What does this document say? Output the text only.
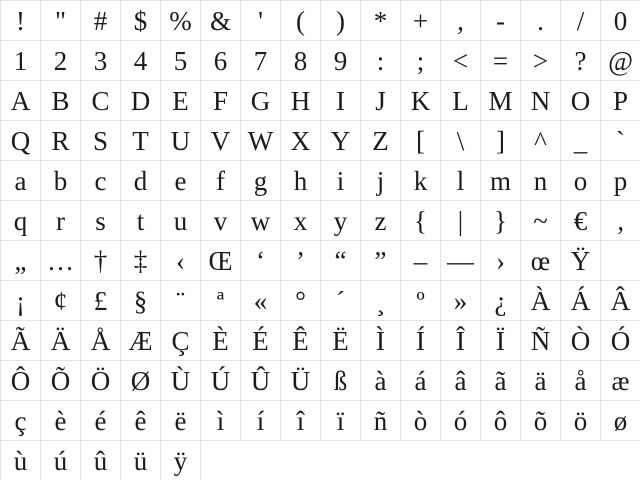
!	"	# $ % &	'	(	)	* +	,	-	.	/	0
1 2 3 4 5 6 7 8 9	:	;	< = > ? @
A B C D E F G H I	J K L M N O P
Q R S T U V W X Y Z	[	\	]	^ _	`
a	b	c	d	e	f	g h	i	j	k	l m n o p
q	r	s	t	u v w x y	z	{	|	} ~ €	‚
„ … † ‡	‹ Œ ‘	’	“	”	– — › œ Ÿ
¡	¢ £ §	¨	ª	«	°	´	¸	º	»	¿ À Á Â
Ã Ä Å Æ Ç È É Ê Ë	Ì	Í	Î	Ï Ñ Ò Ó
Ô Õ Ö Ø Ù Ú Û Ü ß	à	á	â	ã	ä	å æ
ç	è	é	ê	ë	ì	í	î	ï	ñ ò ó ô õ ö ø
ù ú û ü ÿ
